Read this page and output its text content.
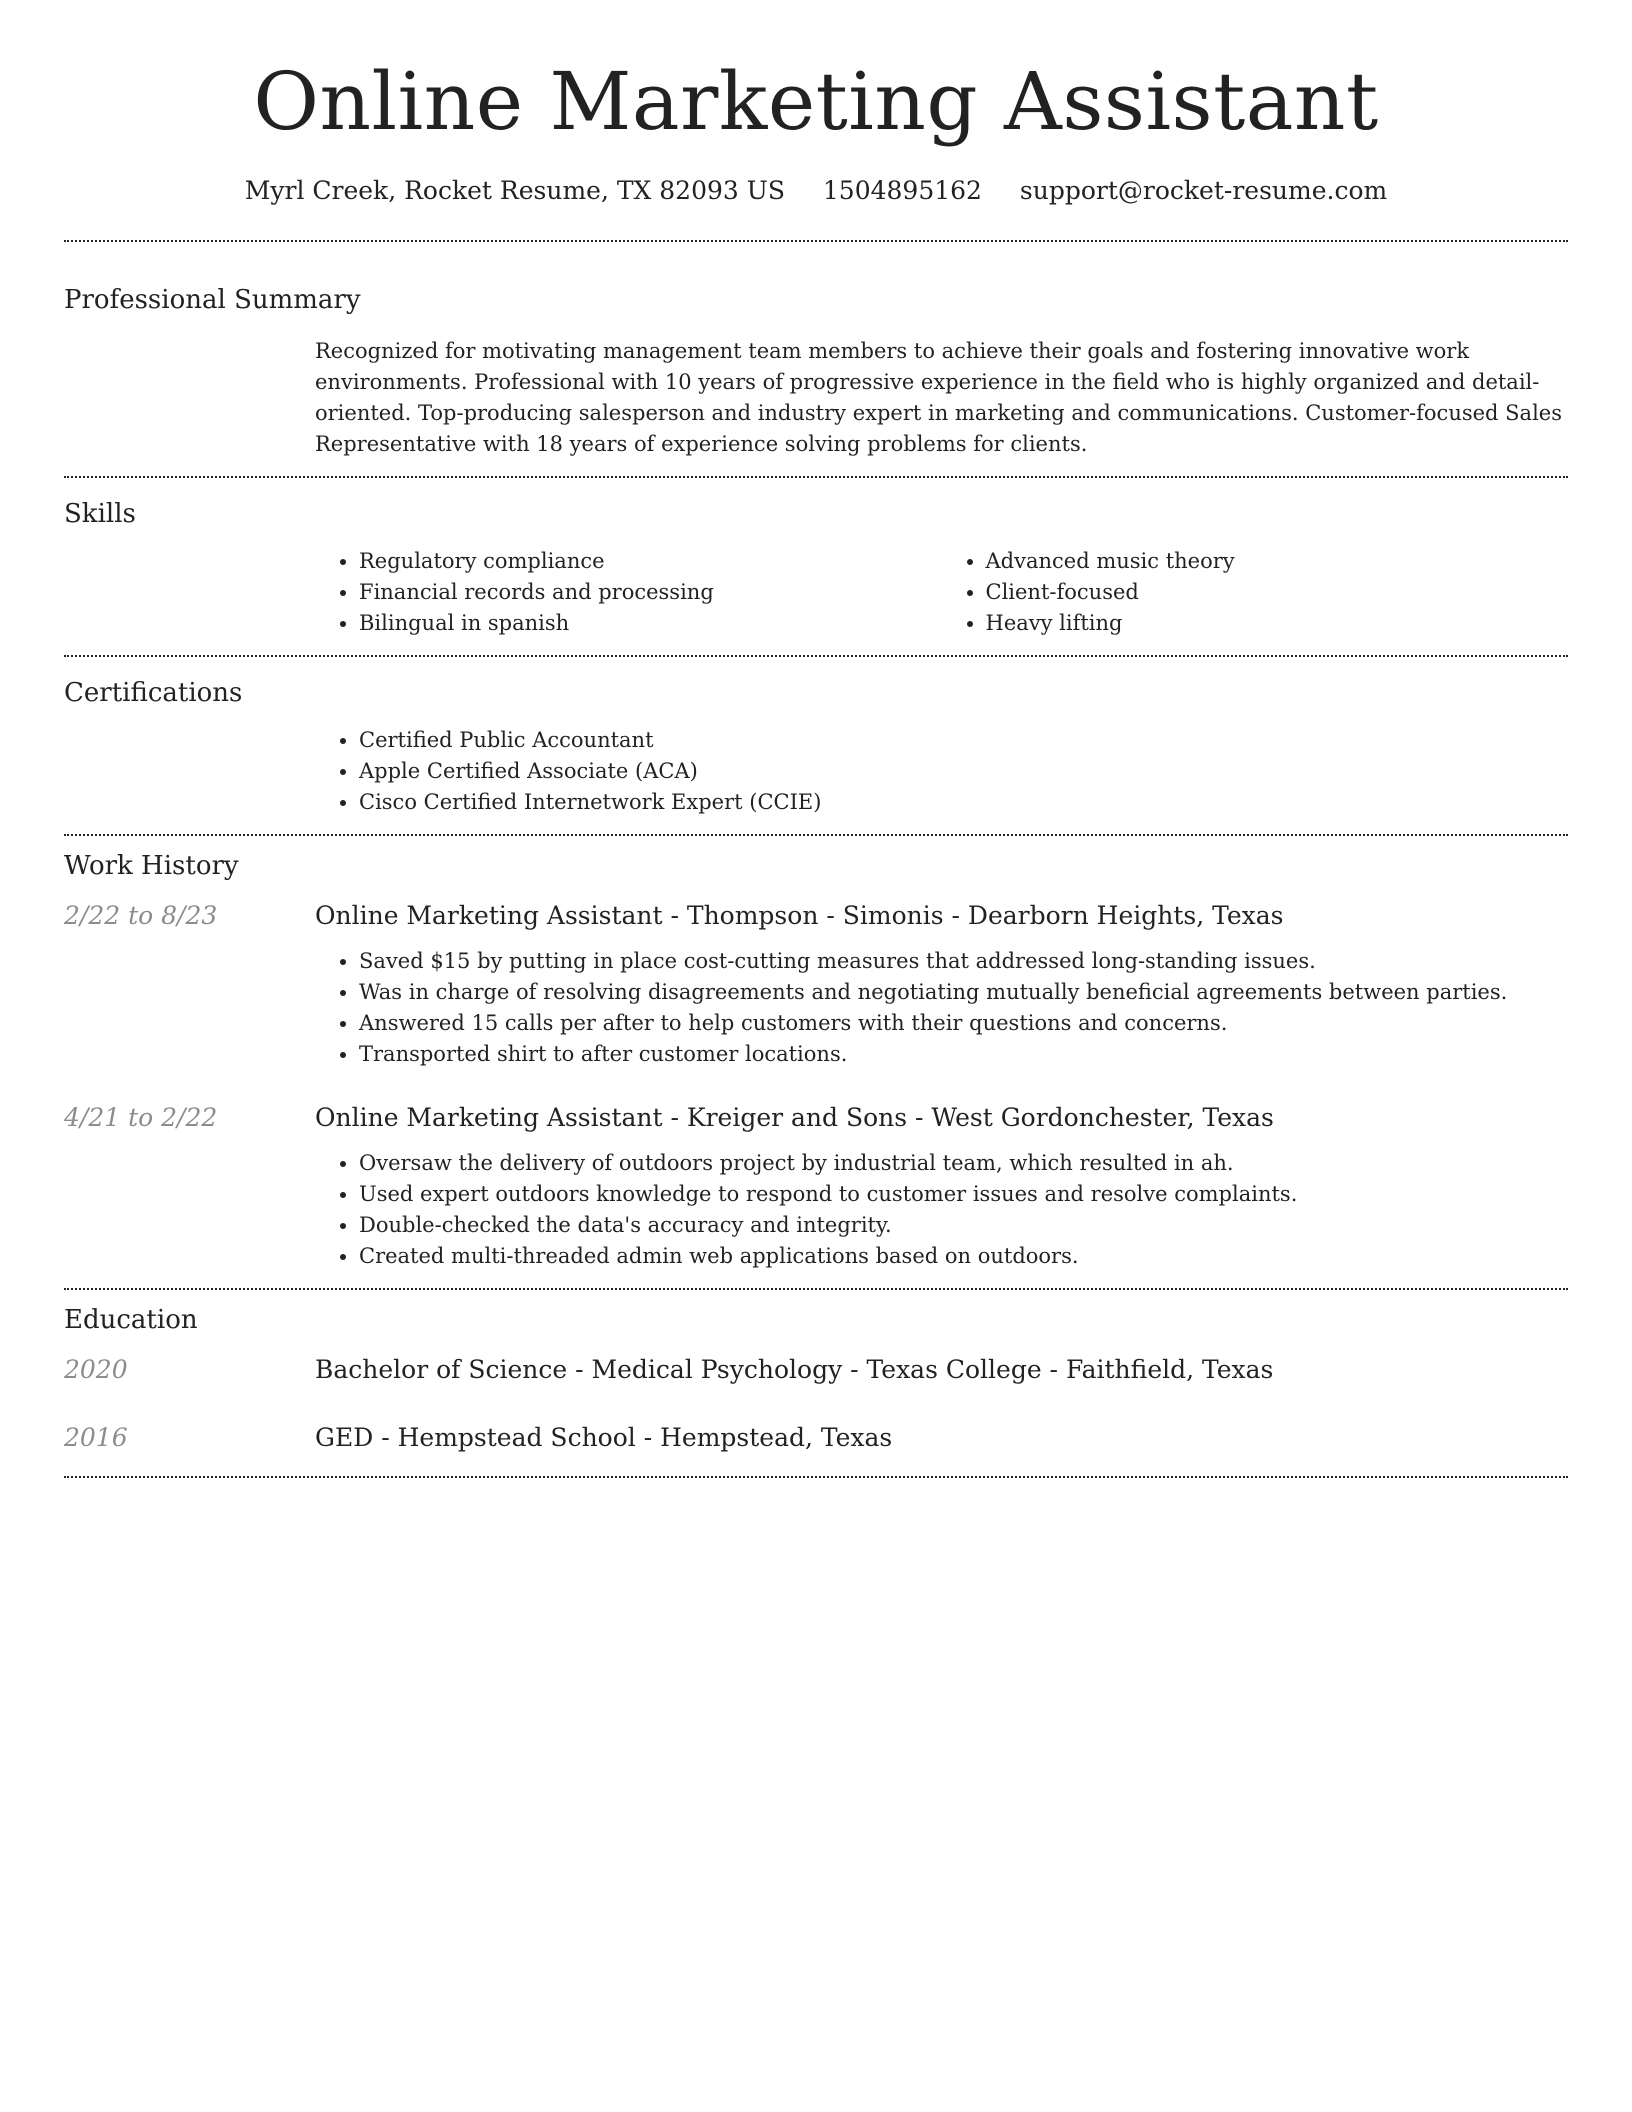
Online Marketing Assistant
Myrl Creek, Rocket Resume, TX 82093 US 1504895162 support@rocket-resume.com
Professional Summary
Recognized for motivating management team members to achieve their goals and fostering innovative work environments. Professional with 10 years of progressive experience in the field who is highly organized and detail-oriented. Top-producing salesperson and industry expert in marketing and communications. Customer-focused Sales Representative with 18 years of experience solving problems for clients.
Skills
• Regulatory compliance
• Financial records and processing
• Bilingual in spanish
• Advanced music theory
• Client-focused
• Heavy lifting
Certifications
• Certified Public Accountant
• Apple Certified Associate (ACA)
• Cisco Certified Internetwork Expert (CCIE)
Work History
2/22 to 8/23	Online Marketing Assistant - Thompson - Simonis - Dearborn Heights, Texas
• Saved $15 by putting in place cost-cutting measures that addressed long-standing issues.
• Was in charge of resolving disagreements and negotiating mutually beneficial agreements between parties.
• Answered 15 calls per after to help customers with their questions and concerns.
• Transported shirt to after customer locations.
4/21 to 2/22	Online Marketing Assistant - Kreiger and Sons - West Gordonchester, Texas
• Oversaw the delivery of outdoors project by industrial team, which resulted in ah.
• Used expert outdoors knowledge to respond to customer issues and resolve complaints.
• Double-checked the data's accuracy and integrity.
• Created multi-threaded admin web applications based on outdoors.
Education
2020	Bachelor of Science - Medical Psychology - Texas College - Faithfield, Texas
2016	GED - Hempstead School - Hempstead, Texas
